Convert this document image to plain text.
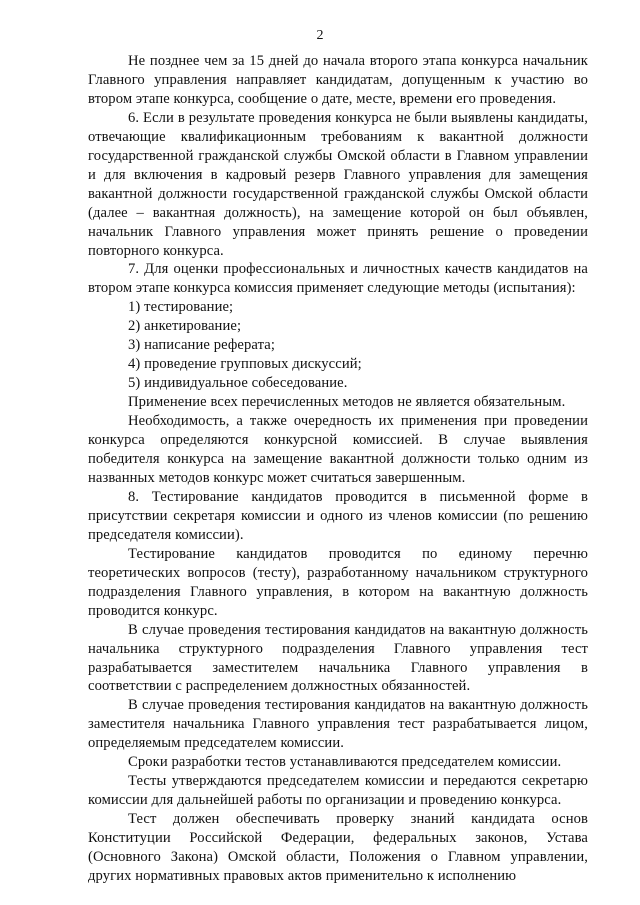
2

Не позднее чем за 15 дней до начала второго этапа конкурса начальник Главного управления направляет кандидатам, допущенным к участию во втором этапе конкурса, сообщение о дате, месте, времени его проведения.

6. Если в результате проведения конкурса не были выявлены кандидаты, отвечающие квалификационным требованиям к вакантной должности государственной гражданской службы Омской области в Главном управлении и для включения в кадровый резерв Главного управления для замещения вакантной должности государственной гражданской службы Омской области (далее – вакантная должность), на замещение которой он был объявлен, начальник Главного управления может принять решение о проведении повторного конкурса.

7. Для оценки профессиональных и личностных качеств кандидатов на втором этапе конкурса комиссия применяет следующие методы (испытания):

1) тестирование;

2) анкетирование;

3) написание реферата;

4) проведение групповых дискуссий;

5) индивидуальное собеседование.

Применение всех перечисленных методов не является обязательным.

Необходимость, а также очередность их применения при проведении конкурса определяются конкурсной комиссией. В случае выявления победителя конкурса на замещение вакантной должности только одним из названных методов конкурс может считаться завершенным.

8. Тестирование кандидатов проводится в письменной форме в присутствии секретаря комиссии и одного из членов комиссии (по решению председателя комиссии).

Тестирование кандидатов проводится по единому перечню теоретических вопросов (тесту), разработанному начальником структурного подразделения Главного управления, в котором на вакантную должность проводится конкурс.

В случае проведения тестирования кандидатов на вакантную должность начальника структурного подразделения Главного управления тест разрабатывается заместителем начальника Главного управления в соответствии с распределением должностных обязанностей.

В случае проведения тестирования кандидатов на вакантную должность заместителя начальника Главного управления тест разрабатывается лицом, определяемым председателем комиссии.

Сроки разработки тестов устанавливаются председателем комиссии.

Тесты утверждаются председателем комиссии и передаются секретарю комиссии для дальнейшей работы по организации и проведению конкурса.

Тест должен обеспечивать проверку знаний кандидата основ Конституции Российской Федерации, федеральных законов, Устава (Основного Закона) Омской области, Положения о Главном управлении, других нормативных правовых актов применительно к исполнению
